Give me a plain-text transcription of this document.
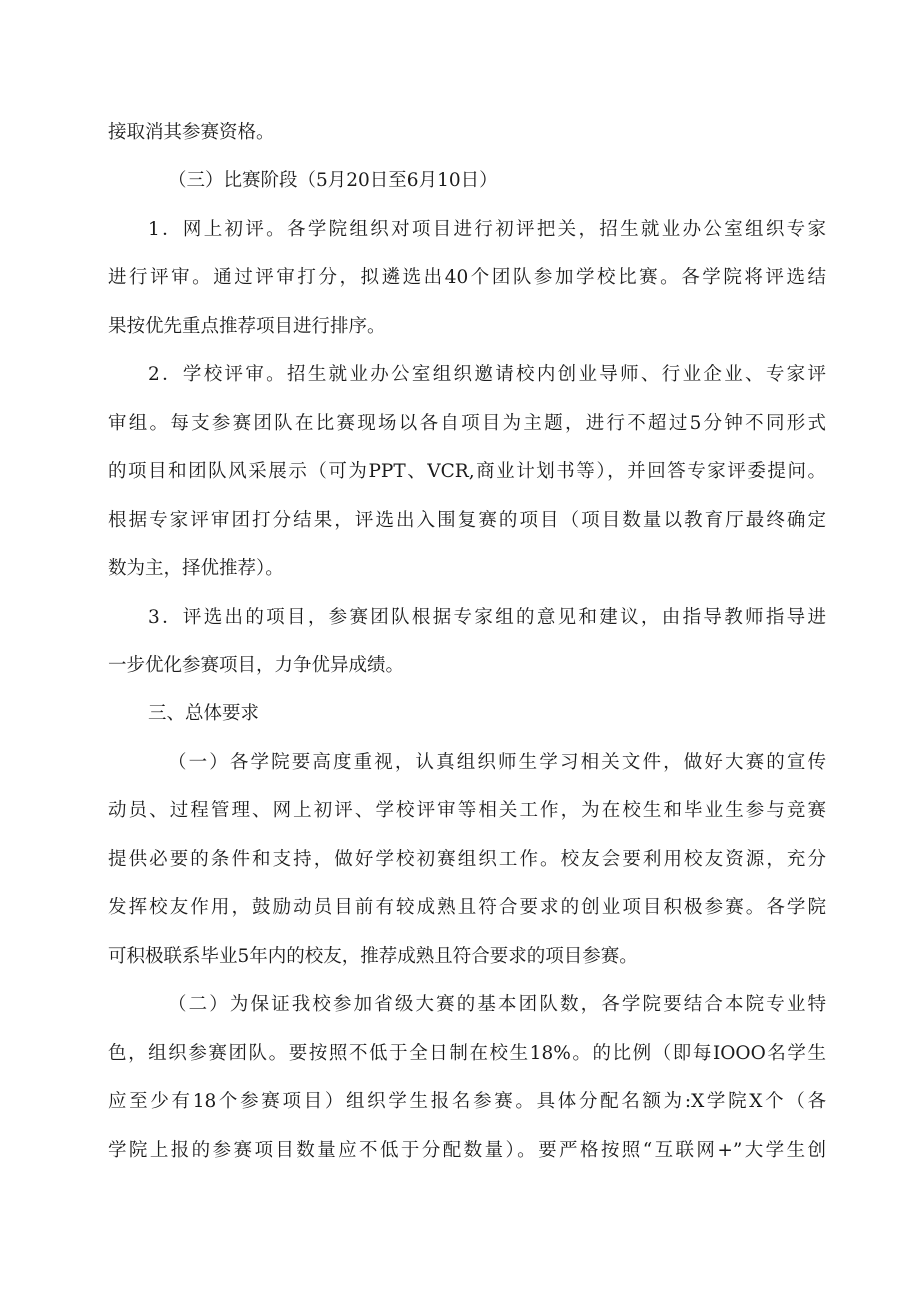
接取消其参赛资格。
（三）比赛阶段（5月20日至6月10日）
1．网上初评。各学院组织对项目进行初评把关，招生就业办公室组织专家
进行评审。通过评审打分，拟遴选出40个团队参加学校比赛。各学院将评选结
果按优先重点推荐项目进行排序。
2．学校评审。招生就业办公室组织邀请校内创业导师、行业企业、专家评
审组。每支参赛团队在比赛现场以各自项目为主题，进行不超过5分钟不同形式
的项目和团队风采展示（可为PPT、VCR,商业计划书等），并回答专家评委提问。
根据专家评审团打分结果，评选出入围复赛的项目（项目数量以教育厅最终确定
数为主，择优推荐）。
3．评选出的项目，参赛团队根据专家组的意见和建议，由指导教师指导进
一步优化参赛项目，力争优异成绩。
三、总体要求
（一）各学院要高度重视，认真组织师生学习相关文件，做好大赛的宣传
动员、过程管理、网上初评、学校评审等相关工作，为在校生和毕业生参与竞赛
提供必要的条件和支持，做好学校初赛组织工作。校友会要利用校友资源，充分
发挥校友作用，鼓励动员目前有较成熟且符合要求的创业项目积极参赛。各学院
可积极联系毕业5年内的校友，推荐成熟且符合要求的项目参赛。
（二）为保证我校参加省级大赛的基本团队数，各学院要结合本院专业特
色，组织参赛团队。要按照不低于全日制在校生18%。的比例（即每IOOO名学生
应至少有18个参赛项目）组织学生报名参赛。具体分配名额为:X学院X个（各
学院上报的参赛项目数量应不低于分配数量）。要严格按照“互联网+”大学生创
